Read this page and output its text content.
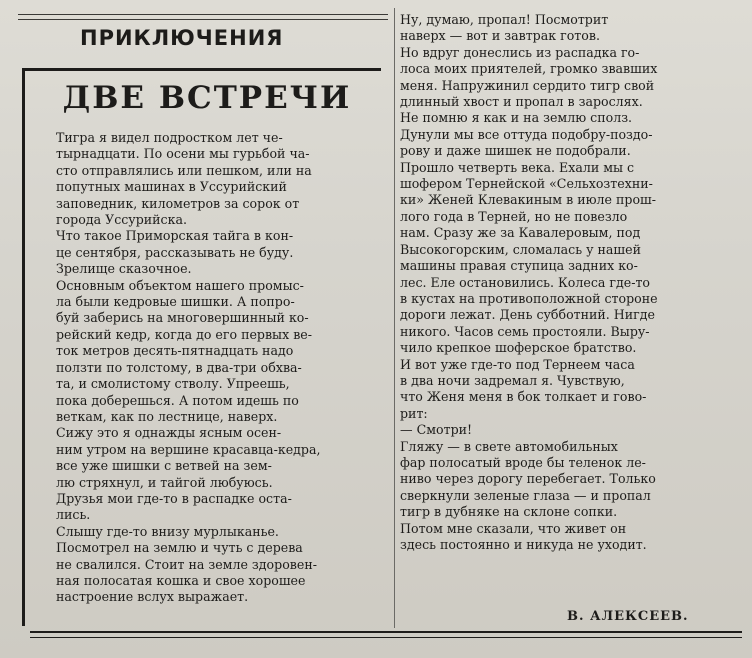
ПРИКЛЮЧЕНИЯ
ДВЕ ВСТРЕЧИ
Тигра я видел подростком лет че-
тырнадцати. По осени мы гурьбой ча-
сто отправлялись или пешком, или на
попутных машинах в Уссурийский
заповедник, километров за сорок от
города Уссурийска.
Что такое Приморская тайга в кон-
це сентября, рассказывать не буду.
Зрелище сказочное.
Основным объектом нашего промыс-
ла были кедровые шишки. А попро-
буй заберись на многовершинный ко-
рейский кедр, когда до его первых ве-
ток метров десять-пятнадцать надо
ползти по толстому, в два-три обхва-
та, и смолистому стволу. Упреешь,
пока доберешься. А потом идешь по
веткам, как по лестнице, наверх.
Сижу это я однажды ясным осен-
ним утром на вершине красавца-кедра,
все уже шишки с ветвей на зем-
лю стряхнул, и тайгой любуюсь.
Друзья мои где-то в распадке оста-
лись.
Слышу где-то внизу мурлыканье.
Посмотрел на землю и чуть с дерева
не свалился. Стоит на земле здоровен-
ная полосатая кошка и свое хорошее
настроение вслух выражает.
Ну, думаю, пропал! Посмотрит
наверх — вот и завтрак готов.
Но вдруг донеслись из распадка го-
лоса моих приятелей, громко звавших
меня. Напружинил сердито тигр свой
длинный хвост и пропал в зарослях.
Не помню я как и на землю сполз.
Дунули мы все оттуда подобру-поздо-
рову и даже шишек не подобрали.
Прошло четверть века. Ехали мы с
шофером Тернейской «Сельхозтехни-
ки» Женей Клевакиным в июле прош-
лого года в Терней, но не повезло
нам. Сразу же за Кавалеровым, под
Высокогорским, сломалась у нашей
машины правая ступица задних ко-
лес. Еле остановились. Колеса где-то
в кустах на противоположной стороне
дороги лежат. День субботний. Нигде
никого. Часов семь простояли. Выру-
чило крепкое шоферское братство.
И вот уже где-то под Тернеем часа
в два ночи задремал я. Чувствую,
что Женя меня в бок толкает и гово-
рит:
— Смотри!
Гляжу — в свете автомобильных
фар полосатый вроде бы теленок ле-
ниво через дорогу перебегает. Только
сверкнули зеленые глаза — и пропал
тигр в дубняке на склоне сопки.
Потом мне сказали, что живет он
здесь постоянно и никуда не уходит.
В. АЛЕКСЕЕВ.
